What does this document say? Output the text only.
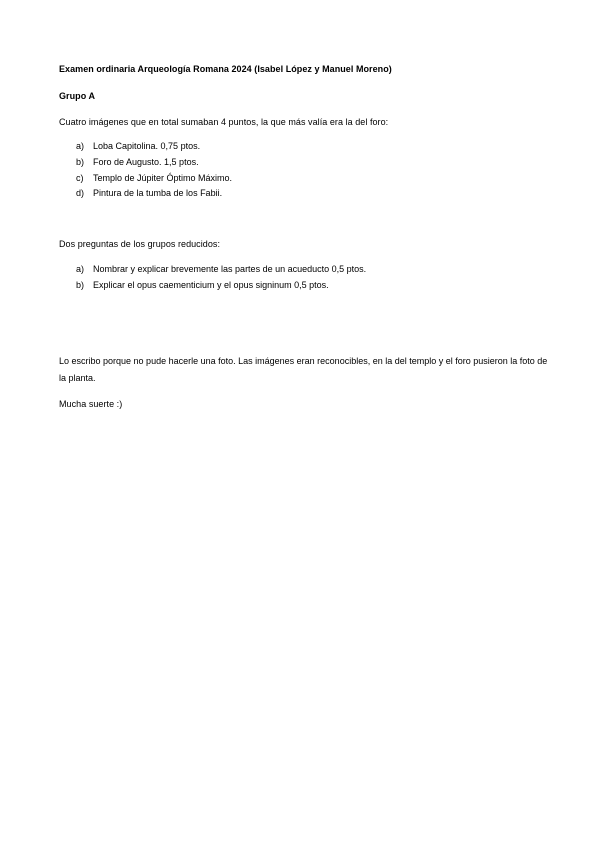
Examen ordinaria Arqueología Romana 2024 (Isabel López y Manuel Moreno)
Grupo A
Cuatro imágenes que en total sumaban 4 puntos, la que más valía era la del foro:
a) Loba Capitolina. 0,75 ptos.
b) Foro de Augusto. 1,5 ptos.
c) Templo de Júpiter Óptimo Máximo.
d) Pintura de la tumba de los Fabii.
Dos preguntas de los grupos reducidos:
a) Nombrar y explicar brevemente las partes de un acueducto 0,5 ptos.
b) Explicar el opus caementicium y el opus signinum 0,5 ptos.
Lo escribo porque no pude hacerle una foto. Las imágenes eran reconocibles, en la del templo y el foro pusieron la foto de la planta.
Mucha suerte :)
